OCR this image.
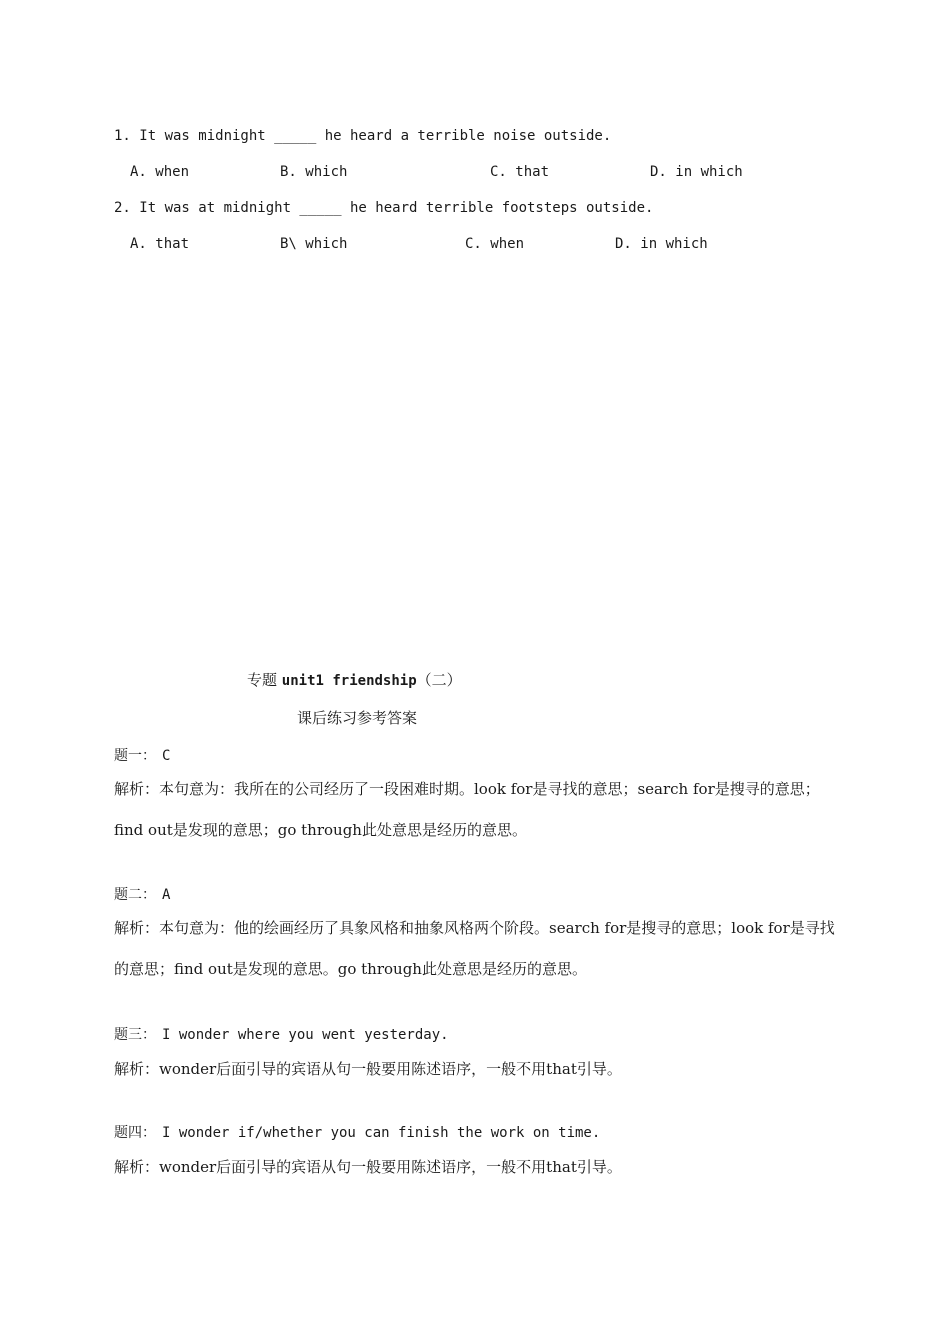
1. It was midnight _____ he heard a terrible noise outside.
A. when	B. which	C. that	D. in which
2. It was at midnight _____ he heard terrible footsteps outside.
A. that	B\ which	C. when	D. in which
专题 unit1 friendship（二）
课后练习参考答案
题一： C
解析：本句意为：我所在的公司经历了一段困难时期。look for是寻找的意思；search for是搜寻的意思；find out是发现的意思；go through此处意思是经历的意思。
题二： A
解析：本句意为：他的绘画经历了具象风格和抽象风格两个阶段。search for是搜寻的意思；look for是寻找的意思；find out是发现的意思。go through此处意思是经历的意思。
题三： I wonder where you went yesterday.
解析：wonder后面引导的宾语从句一般要用陈述语序，一般不用that引导。
题四： I wonder if/whether you can finish the work on time.
解析：wonder后面引导的宾语从句一般要用陈述语序，一般不用that引导。
